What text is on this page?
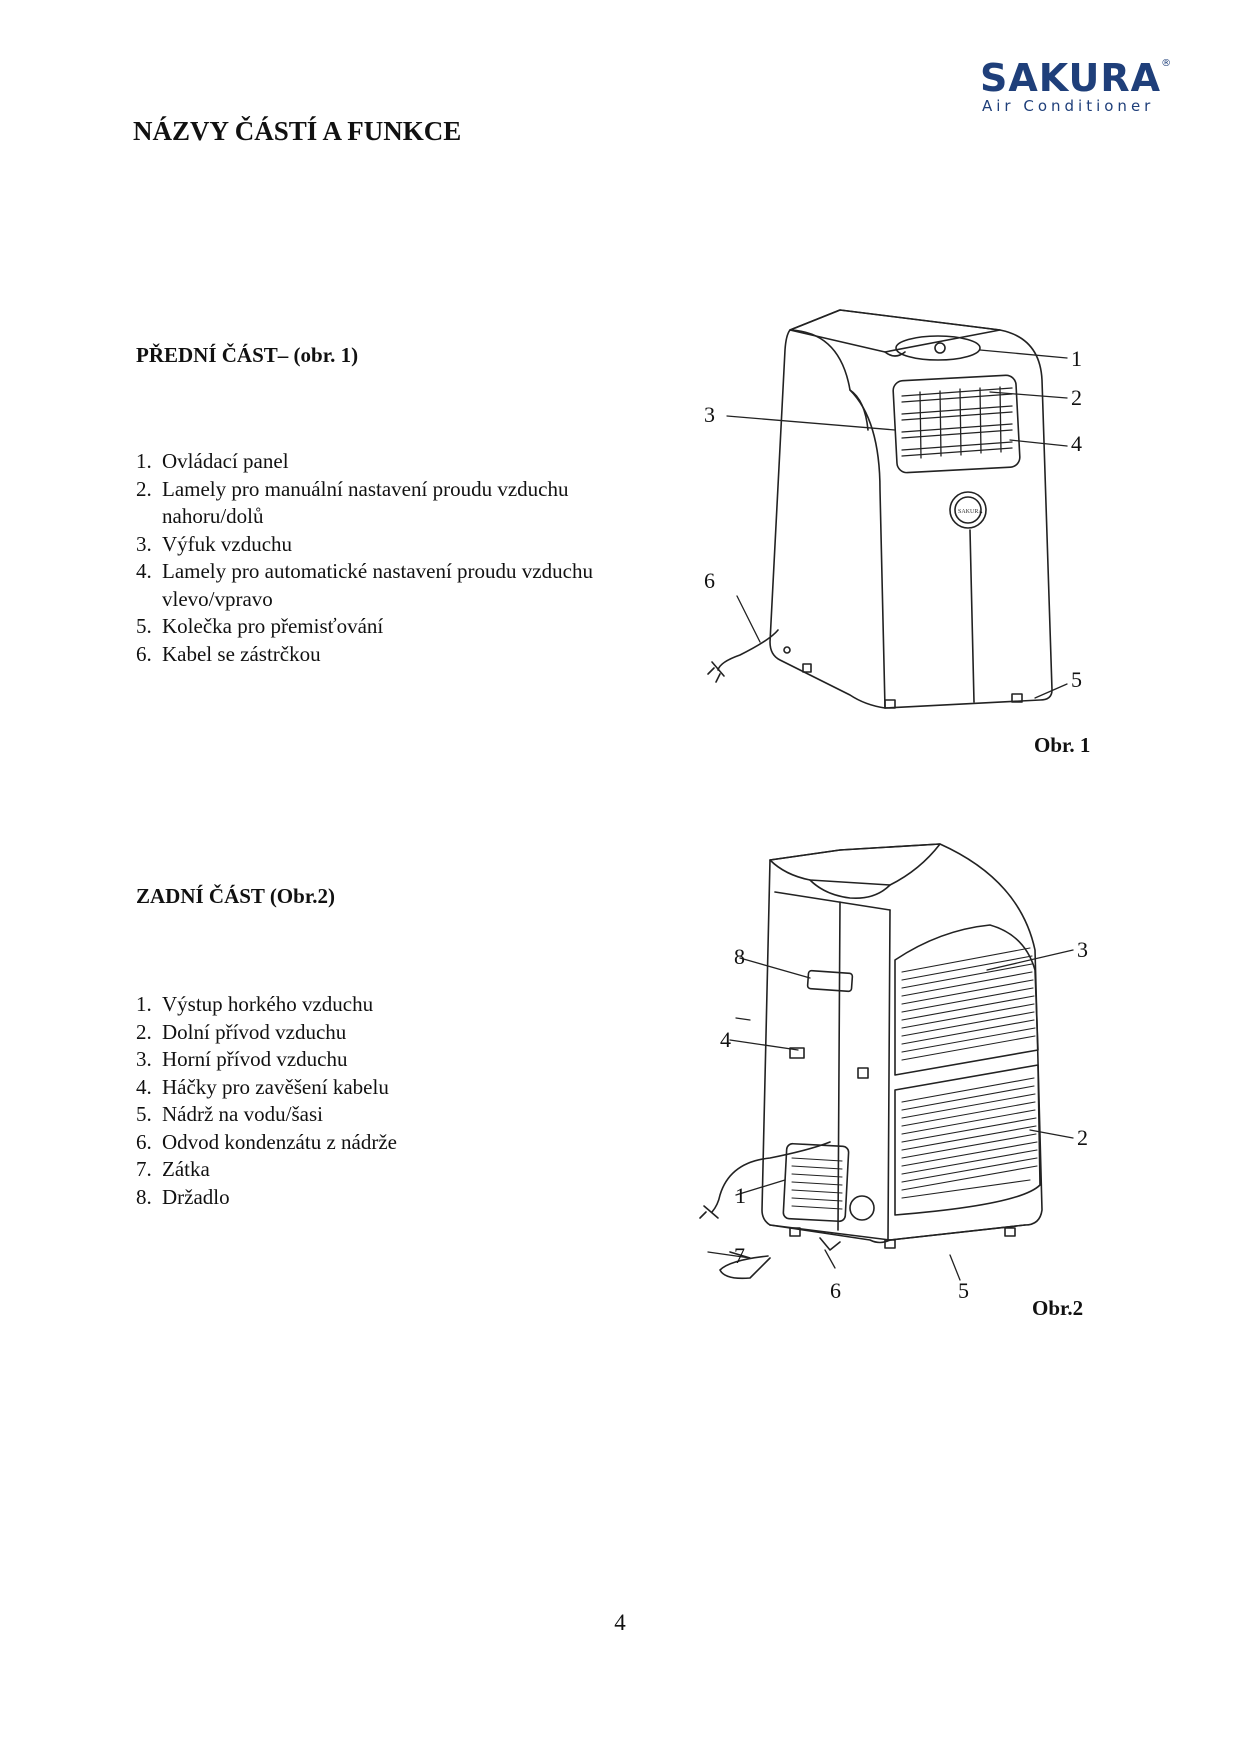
SAKURA®
Air Conditioner
NÁZVY ČÁSTÍ A FUNKCE
PŘEDNÍ ČÁST– (obr. 1)
1. Ovládací panel
2. Lamely pro manuální nastavení proudu vzduchu nahoru/dolů
3. Výfuk vzduchu
4. Lamely pro automatické nastavení proudu vzduchu vlevo/vpravo
5. Kolečka pro přemisťování
6. Kabel se zástrčkou
SAKURA
1
2
3
4
5
6
Obr. 1
ZADNÍ ČÁST (Obr.2)
1. Výstup horkého vzduchu
2. Dolní přívod vzduchu
3. Horní přívod vzduchu
4. Háčky pro zavěšení kabelu
5. Nádrž na vodu/šasi
6. Odvod kondenzátu z nádrže
7. Zátka
8. Držadlo	1
2
3
4
5
6
7
8
Obr.2
4
